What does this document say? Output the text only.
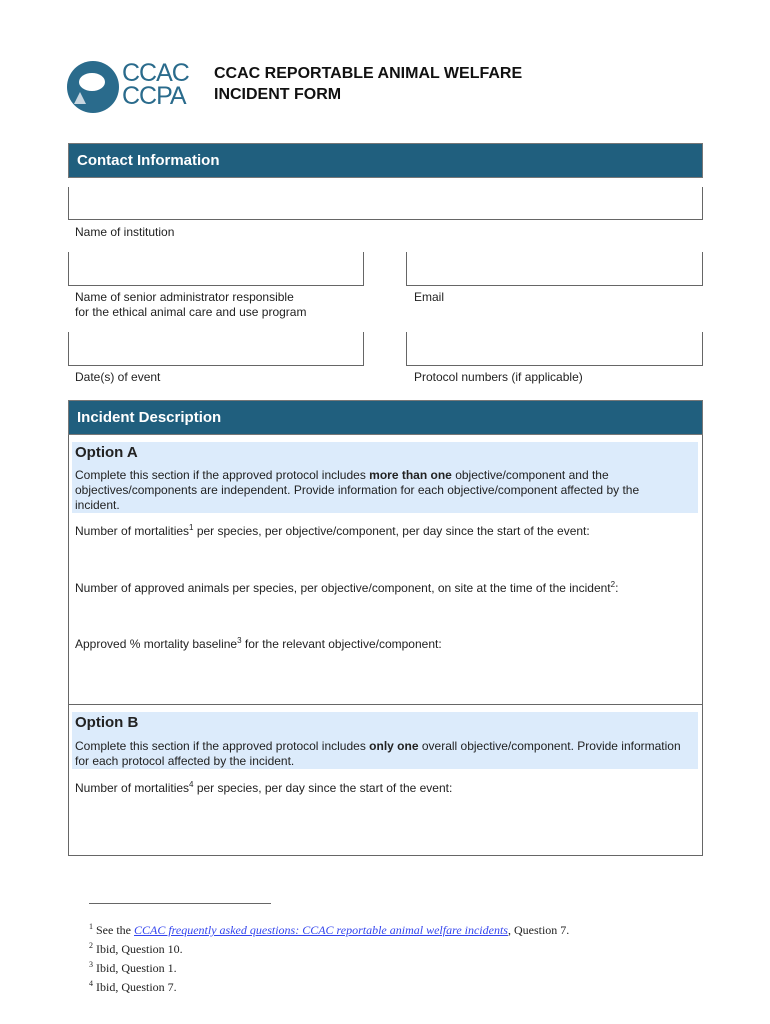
CCAC
CCPA
CCAC REPORTABLE ANIMAL WELFARE
INCIDENT FORM
Contact Information
Name of institution
Name of senior administrator responsible
for the ethical animal care and use program
Email
Date(s) of event	Protocol numbers (if applicable)
Incident Description
Option A
Complete this section if the approved protocol includes more than one objective/component and the objectives/components are independent. Provide information for each objective/component affected by the incident.
Number of mortalities$^1$ per species, per objective/component, per day since the start of the event:
Number of approved animals per species, per objective/component, on site at the time of the incident$^2$:
Approved % mortality baseline$^3$ for the relevant objective/component:
Option B
Complete this section if the approved protocol includes only one overall objective/component. Provide information for each protocol affected by the incident.
Number of mortalities$^4$ per species, per day since the start of the event:
$^1$ See the CCAC frequently asked questions: CCAC reportable animal welfare incidents, Question 7.
$^2$ Ibid, Question 10.
$^3$ Ibid, Question 1.
$^4$ Ibid, Question 7.
